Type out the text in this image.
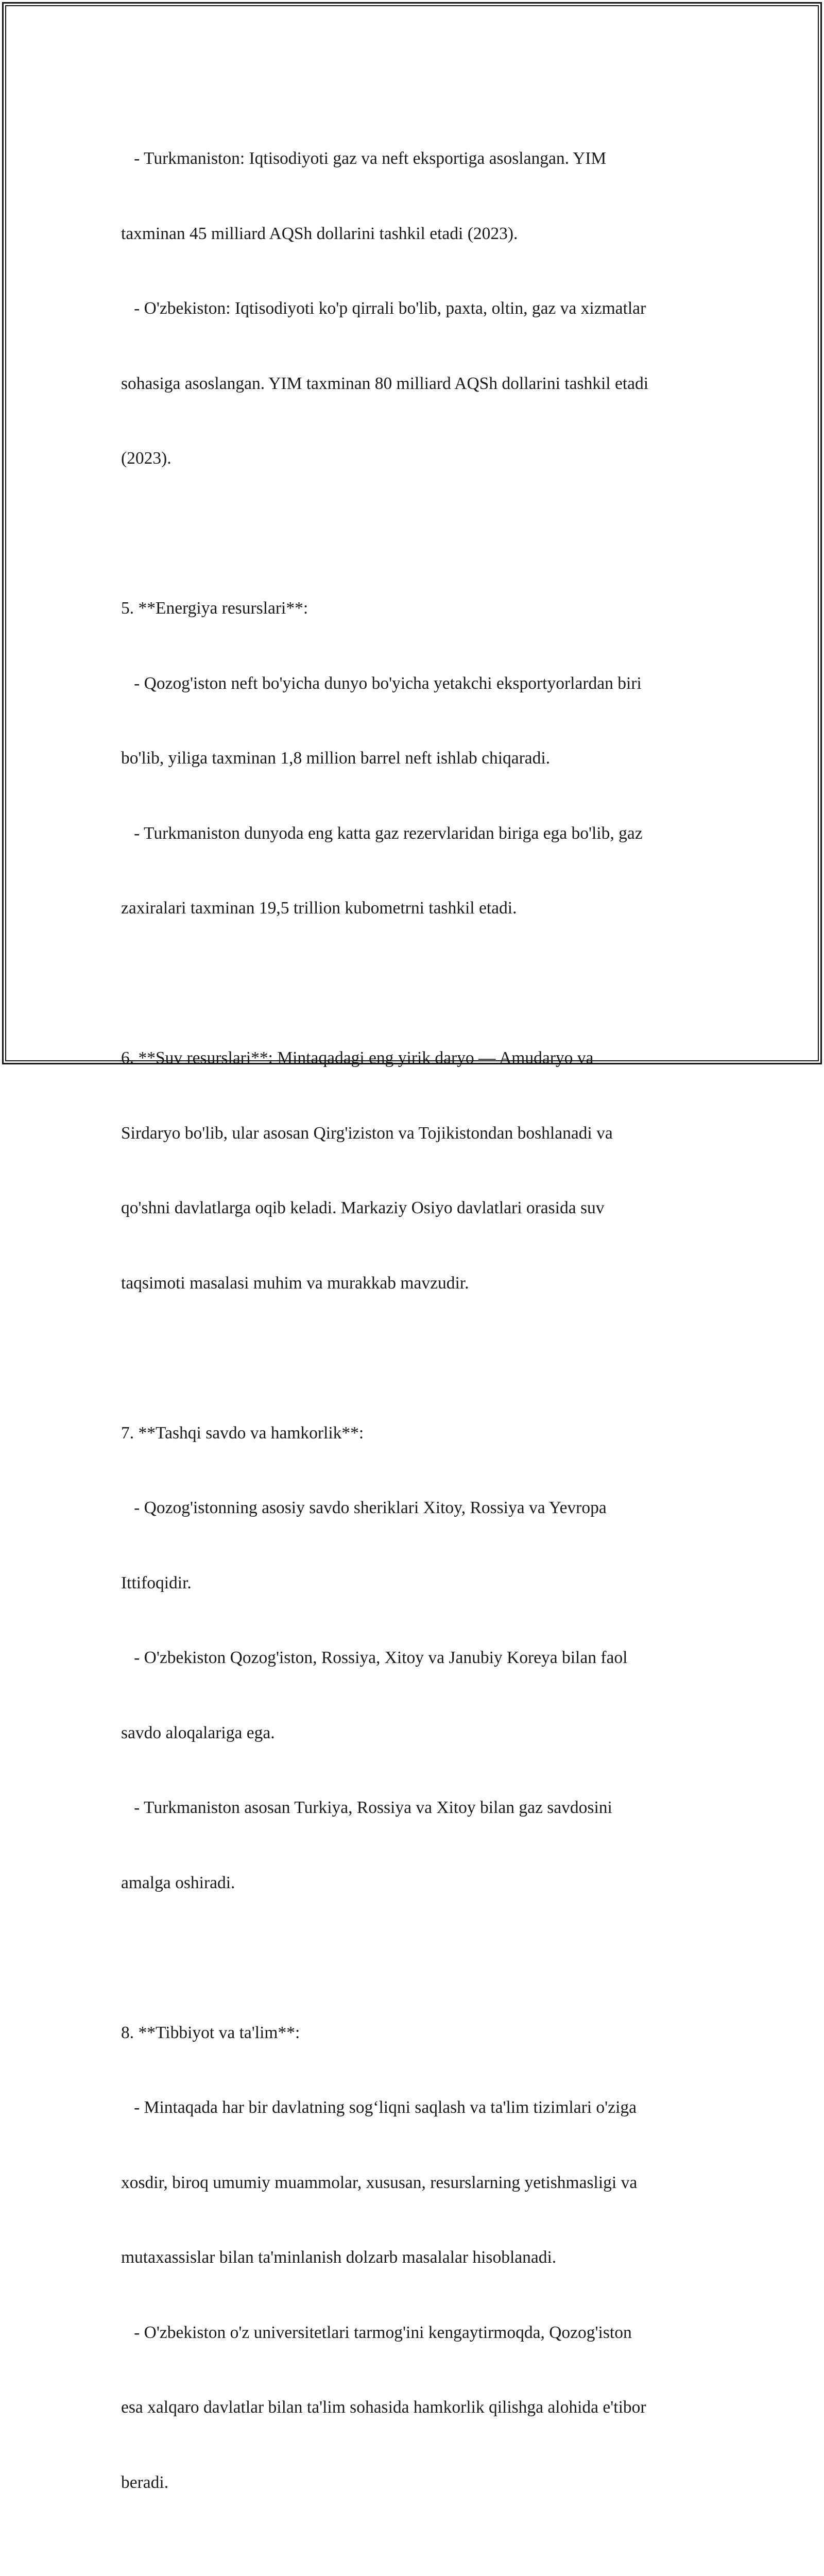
- Turkmaniston: Iqtisodiyoti gaz va neft eksportiga asoslangan. YIM

taxminan 45 milliard AQSh dollarini tashkil etadi (2023).

- O'zbekiston: Iqtisodiyoti ko'p qirrali bo'lib, paxta, oltin, gaz va xizmatlar

sohasiga asoslangan. YIM taxminan 80 milliard AQSh dollarini tashkil etadi

(2023).

5. **Energiya resurslari**:

- Qozog'iston neft bo'yicha dunyo bo'yicha yetakchi eksportyorlardan biri

bo'lib, yiliga taxminan 1,8 million barrel neft ishlab chiqaradi.

- Turkmaniston dunyoda eng katta gaz rezervlaridan biriga ega bo'lib, gaz

zaxiralari taxminan 19,5 trillion kubometrni tashkil etadi.

6. **Suv resurslari**: Mintaqadagi eng yirik daryo — Amudaryo va

Sirdaryo bo'lib, ular asosan Qirg'iziston va Tojikistondan boshlanadi va

qo'shni davlatlarga oqib keladi. Markaziy Osiyo davlatlari orasida suv

taqsimoti masalasi muhim va murakkab mavzudir.

7. **Tashqi savdo va hamkorlik**:

- Qozog'istonning asosiy savdo sheriklari Xitoy, Rossiya va Yevropa

Ittifoqidir.

- O'zbekiston Qozog'iston, Rossiya, Xitoy va Janubiy Koreya bilan faol

savdo aloqalariga ega.

- Turkmaniston asosan Turkiya, Rossiya va Xitoy bilan gaz savdosini

amalga oshiradi.

8. **Tibbiyot va ta'lim**:

- Mintaqada har bir davlatning sog‘liqni saqlash va ta'lim tizimlari o'ziga

xosdir, biroq umumiy muammolar, xususan, resurslarning yetishmasligi va

mutaxassislar bilan ta'minlanish dolzarb masalalar hisoblanadi.

- O'zbekiston o'z universitetlari tarmog'ini kengaytirmoqda, Qozog'iston

esa xalqaro davlatlar bilan ta'lim sohasida hamkorlik qilishga alohida e'tibor

beradi.
